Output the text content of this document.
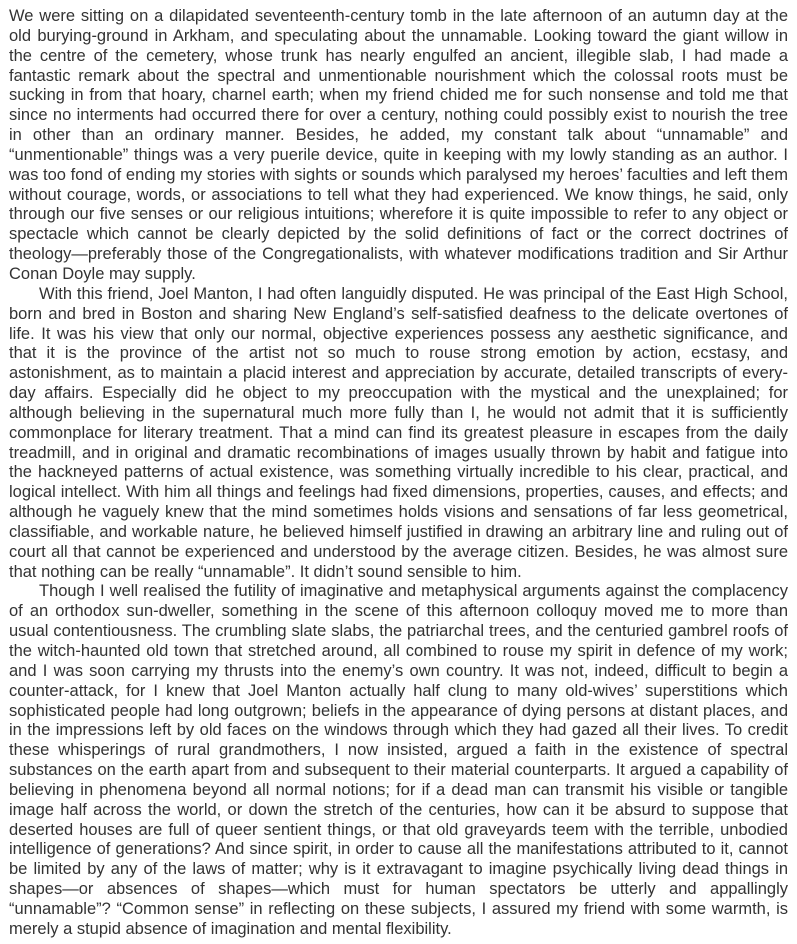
We were sitting on a dilapidated seventeenth-century tomb in the late afternoon of an autumn day at the old burying-ground in Arkham, and speculating about the unnamable. Looking toward the giant willow in the centre of the cemetery, whose trunk has nearly engulfed an ancient, illegible slab, I had made a fantastic remark about the spectral and unmentionable nourishment which the colossal roots must be sucking in from that hoary, charnel earth; when my friend chided me for such nonsense and told me that since no interments had occurred there for over a century, nothing could possibly exist to nourish the tree in other than an ordinary manner. Besides, he added, my constant talk about “unnamable” and “unmentionable” things was a very puerile device, quite in keeping with my lowly standing as an author. I was too fond of ending my stories with sights or sounds which paralysed my heroes’ faculties and left them without courage, words, or associations to tell what they had experienced. We know things, he said, only through our five senses or our religious intuitions; wherefore it is quite impossible to refer to any object or spectacle which cannot be clearly depicted by the solid definitions of fact or the correct doctrines of theology—preferably those of the Congregationalists, with whatever modifications tradition and Sir Arthur Conan Doyle may supply.

With this friend, Joel Manton, I had often languidly disputed. He was principal of the East High School, born and bred in Boston and sharing New England’s self-satisfied deafness to the delicate overtones of life. It was his view that only our normal, objective experiences possess any aesthetic significance, and that it is the province of the artist not so much to rouse strong emotion by action, ecstasy, and astonishment, as to maintain a placid interest and appreciation by accurate, detailed transcripts of every-day affairs. Especially did he object to my preoccupation with the mystical and the unexplained; for although believing in the supernatural much more fully than I, he would not admit that it is sufficiently commonplace for literary treatment. That a mind can find its greatest pleasure in escapes from the daily treadmill, and in original and dramatic recombinations of images usually thrown by habit and fatigue into the hackneyed patterns of actual existence, was something virtually incredible to his clear, practical, and logical intellect. With him all things and feelings had fixed dimensions, properties, causes, and effects; and although he vaguely knew that the mind sometimes holds visions and sensations of far less geometrical, classifiable, and workable nature, he believed himself justified in drawing an arbitrary line and ruling out of court all that cannot be experienced and understood by the average citizen. Besides, he was almost sure that nothing can be really “unnamable”. It didn’t sound sensible to him.

Though I well realised the futility of imaginative and metaphysical arguments against the complacency of an orthodox sun-dweller, something in the scene of this afternoon colloquy moved me to more than usual contentiousness. The crumbling slate slabs, the patriarchal trees, and the centuried gambrel roofs of the witch-haunted old town that stretched around, all combined to rouse my spirit in defence of my work; and I was soon carrying my thrusts into the enemy’s own country. It was not, indeed, difficult to begin a counter-attack, for I knew that Joel Manton actually half clung to many old-wives’ superstitions which sophisticated people had long outgrown; beliefs in the appearance of dying persons at distant places, and in the impressions left by old faces on the windows through which they had gazed all their lives. To credit these whisperings of rural grandmothers, I now insisted, argued a faith in the existence of spectral substances on the earth apart from and subsequent to their material counterparts. It argued a capability of believing in phenomena beyond all normal notions; for if a dead man can transmit his visible or tangible image half across the world, or down the stretch of the centuries, how can it be absurd to suppose that deserted houses are full of queer sentient things, or that old graveyards teem with the terrible, unbodied intelligence of generations? And since spirit, in order to cause all the manifestations attributed to it, cannot be limited by any of the laws of matter; why is it extravagant to imagine psychically living dead things in shapes—or absences of shapes—which must for human spectators be utterly and appallingly “unnamable”? “Common sense” in reflecting on these subjects, I assured my friend with some warmth, is merely a stupid absence of imagination and mental flexibility.
